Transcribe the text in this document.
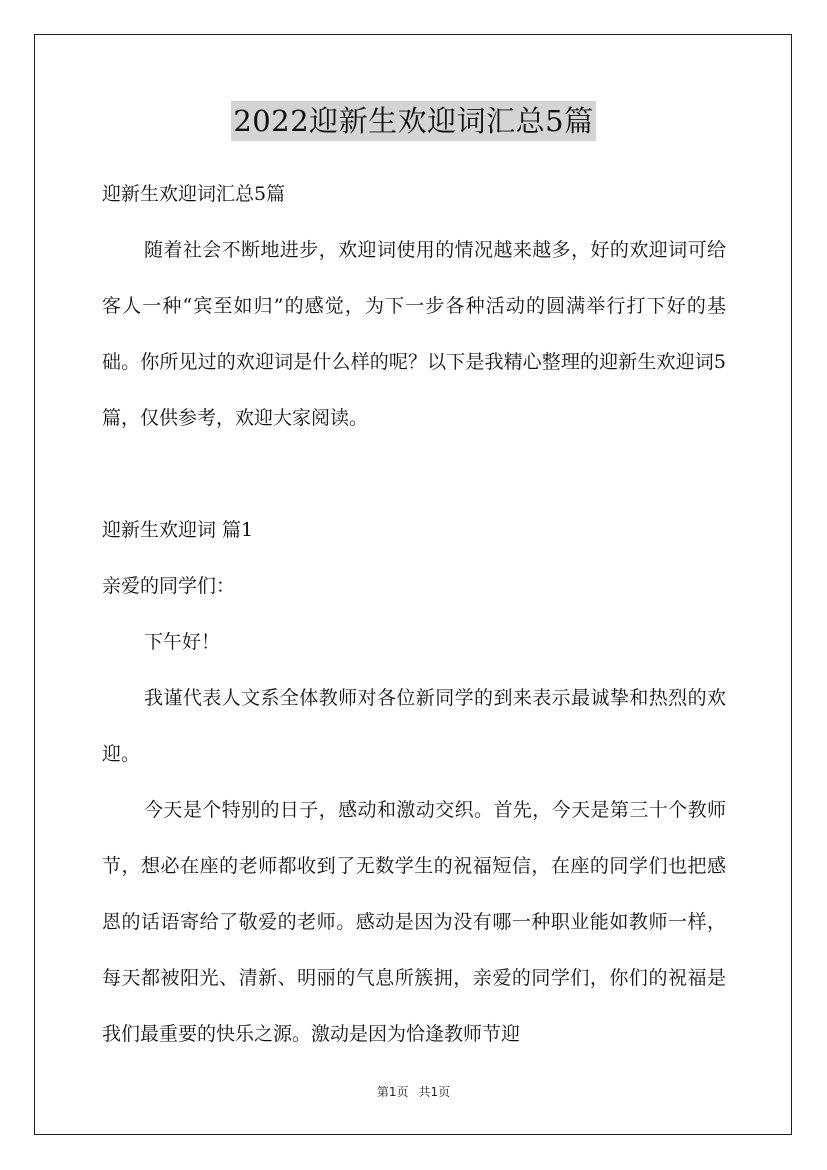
2022迎新生欢迎词汇总5篇

迎新生欢迎词汇总5篇

随着社会不断地进步，欢迎词使用的情况越来越多，好的欢迎词可给客人一种“宾至如归”的感觉，为下一步各种活动的圆满举行打下好的基础。你所见过的欢迎词是什么样的呢？以下是我精心整理的迎新生欢迎词5篇，仅供参考，欢迎大家阅读。

迎新生欢迎词 篇1

亲爱的同学们：

下午好！

我谨代表人文系全体教师对各位新同学的到来表示最诚挚和热烈的欢迎。

今天是个特别的日子，感动和激动交织。首先，今天是第三十个教师节，想必在座的老师都收到了无数学生的祝福短信，在座的同学们也把感恩的话语寄给了敬爱的老师。感动是因为没有哪一种职业能如教师一样，每天都被阳光、清新、明丽的气息所簇拥，亲爱的同学们，你们的祝福是我们最重要的快乐之源。激动是因为恰逢教师节迎

第1页 共1页
